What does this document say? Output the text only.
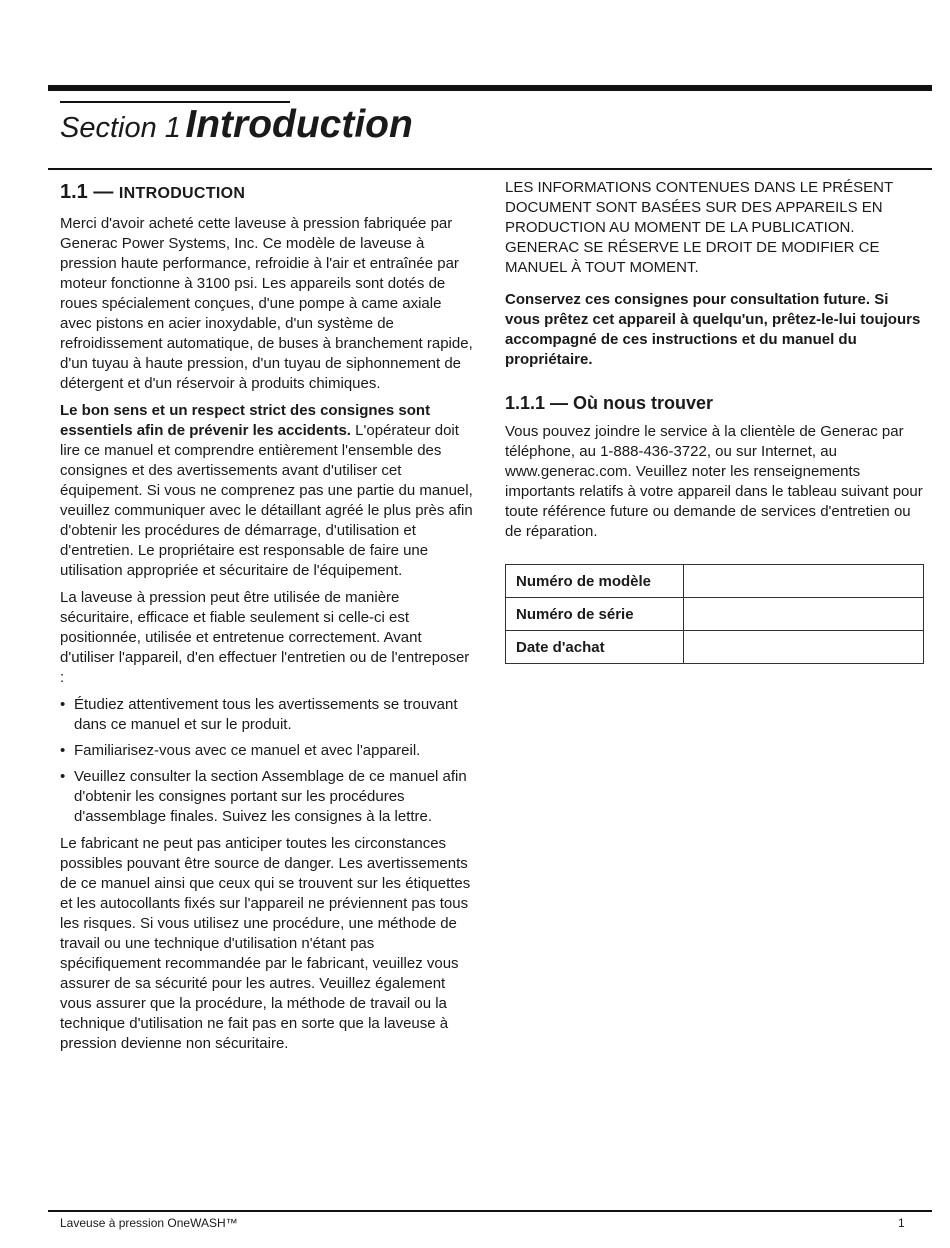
Section 1 Introduction
1.1 — INTRODUCTION

Merci d'avoir acheté cette laveuse à pression fabriquée par Generac Power Systems, Inc. Ce modèle de laveuse à pression haute performance, refroidie à l'air et entraînée par moteur fonctionne à 3100 psi. Les appareils sont dotés de roues spécialement conçues, d'une pompe à came axiale avec pistons en acier inoxydable, d'un système de refroidissement automatique, de buses à branchement rapide, d'un tuyau à haute pression, d'un tuyau de siphonnement de détergent et d'un réservoir à produits chimiques.

Le bon sens et un respect strict des consignes sont essentiels afin de prévenir les accidents. L'opérateur doit lire ce manuel et comprendre entièrement l'ensemble des consignes et des avertissements avant d'utiliser cet équipement. Si vous ne comprenez pas une partie du manuel, veuillez communiquer avec le détaillant agréé le plus près afin d'obtenir les procédures de démarrage, d'utilisation et d'entretien. Le propriétaire est responsable de faire une utilisation appropriée et sécuritaire de l'équipement.

La laveuse à pression peut être utilisée de manière sécuritaire, efficace et fiable seulement si celle-ci est positionnée, utilisée et entretenue correctement. Avant d'utiliser l'appareil, d'en effectuer l'entretien ou de l'entreposer :

• Étudiez attentivement tous les avertissements se trouvant dans ce manuel et sur le produit.
• Familiarisez-vous avec ce manuel et avec l'appareil.
• Veuillez consulter la section Assemblage de ce manuel afin d'obtenir les consignes portant sur les procédures d'assemblage finales. Suivez les consignes à la lettre.

Le fabricant ne peut pas anticiper toutes les circonstances possibles pouvant être source de danger. Les avertissements de ce manuel ainsi que ceux qui se trouvent sur les étiquettes et les autocollants fixés sur l'appareil ne préviennent pas tous les risques. Si vous utilisez une procédure, une méthode de travail ou une technique d'utilisation n'étant pas spécifiquement recommandée par le fabricant, veuillez vous assurer de sa sécurité pour les autres. Veuillez également vous assurer que la procédure, la méthode de travail ou la technique d'utilisation ne fait pas en sorte que la laveuse à pression devienne non sécuritaire.

LES INFORMATIONS CONTENUES DANS LE PRÉSENT DOCUMENT SONT BASÉES SUR DES APPAREILS EN PRODUCTION AU MOMENT DE LA PUBLICATION. GENERAC SE RÉSERVE LE DROIT DE MODIFIER CE MANUEL À TOUT MOMENT.

Conservez ces consignes pour consultation future. Si vous prêtez cet appareil à quelqu'un, prêtez-le-lui toujours accompagné de ces instructions et du manuel du propriétaire.

1.1.1 — Où nous trouver

Vous pouvez joindre le service à la clientèle de Generac par téléphone, au 1-888-436-3722, ou sur Internet, au www.generac.com. Veuillez noter les renseignements importants relatifs à votre appareil dans le tableau suivant pour toute référence future ou demande de services d'entretien ou de réparation.

Numéro de modèle	
Numéro de série	
Date d'achat	
Laveuse à pression OneWASH™	1
